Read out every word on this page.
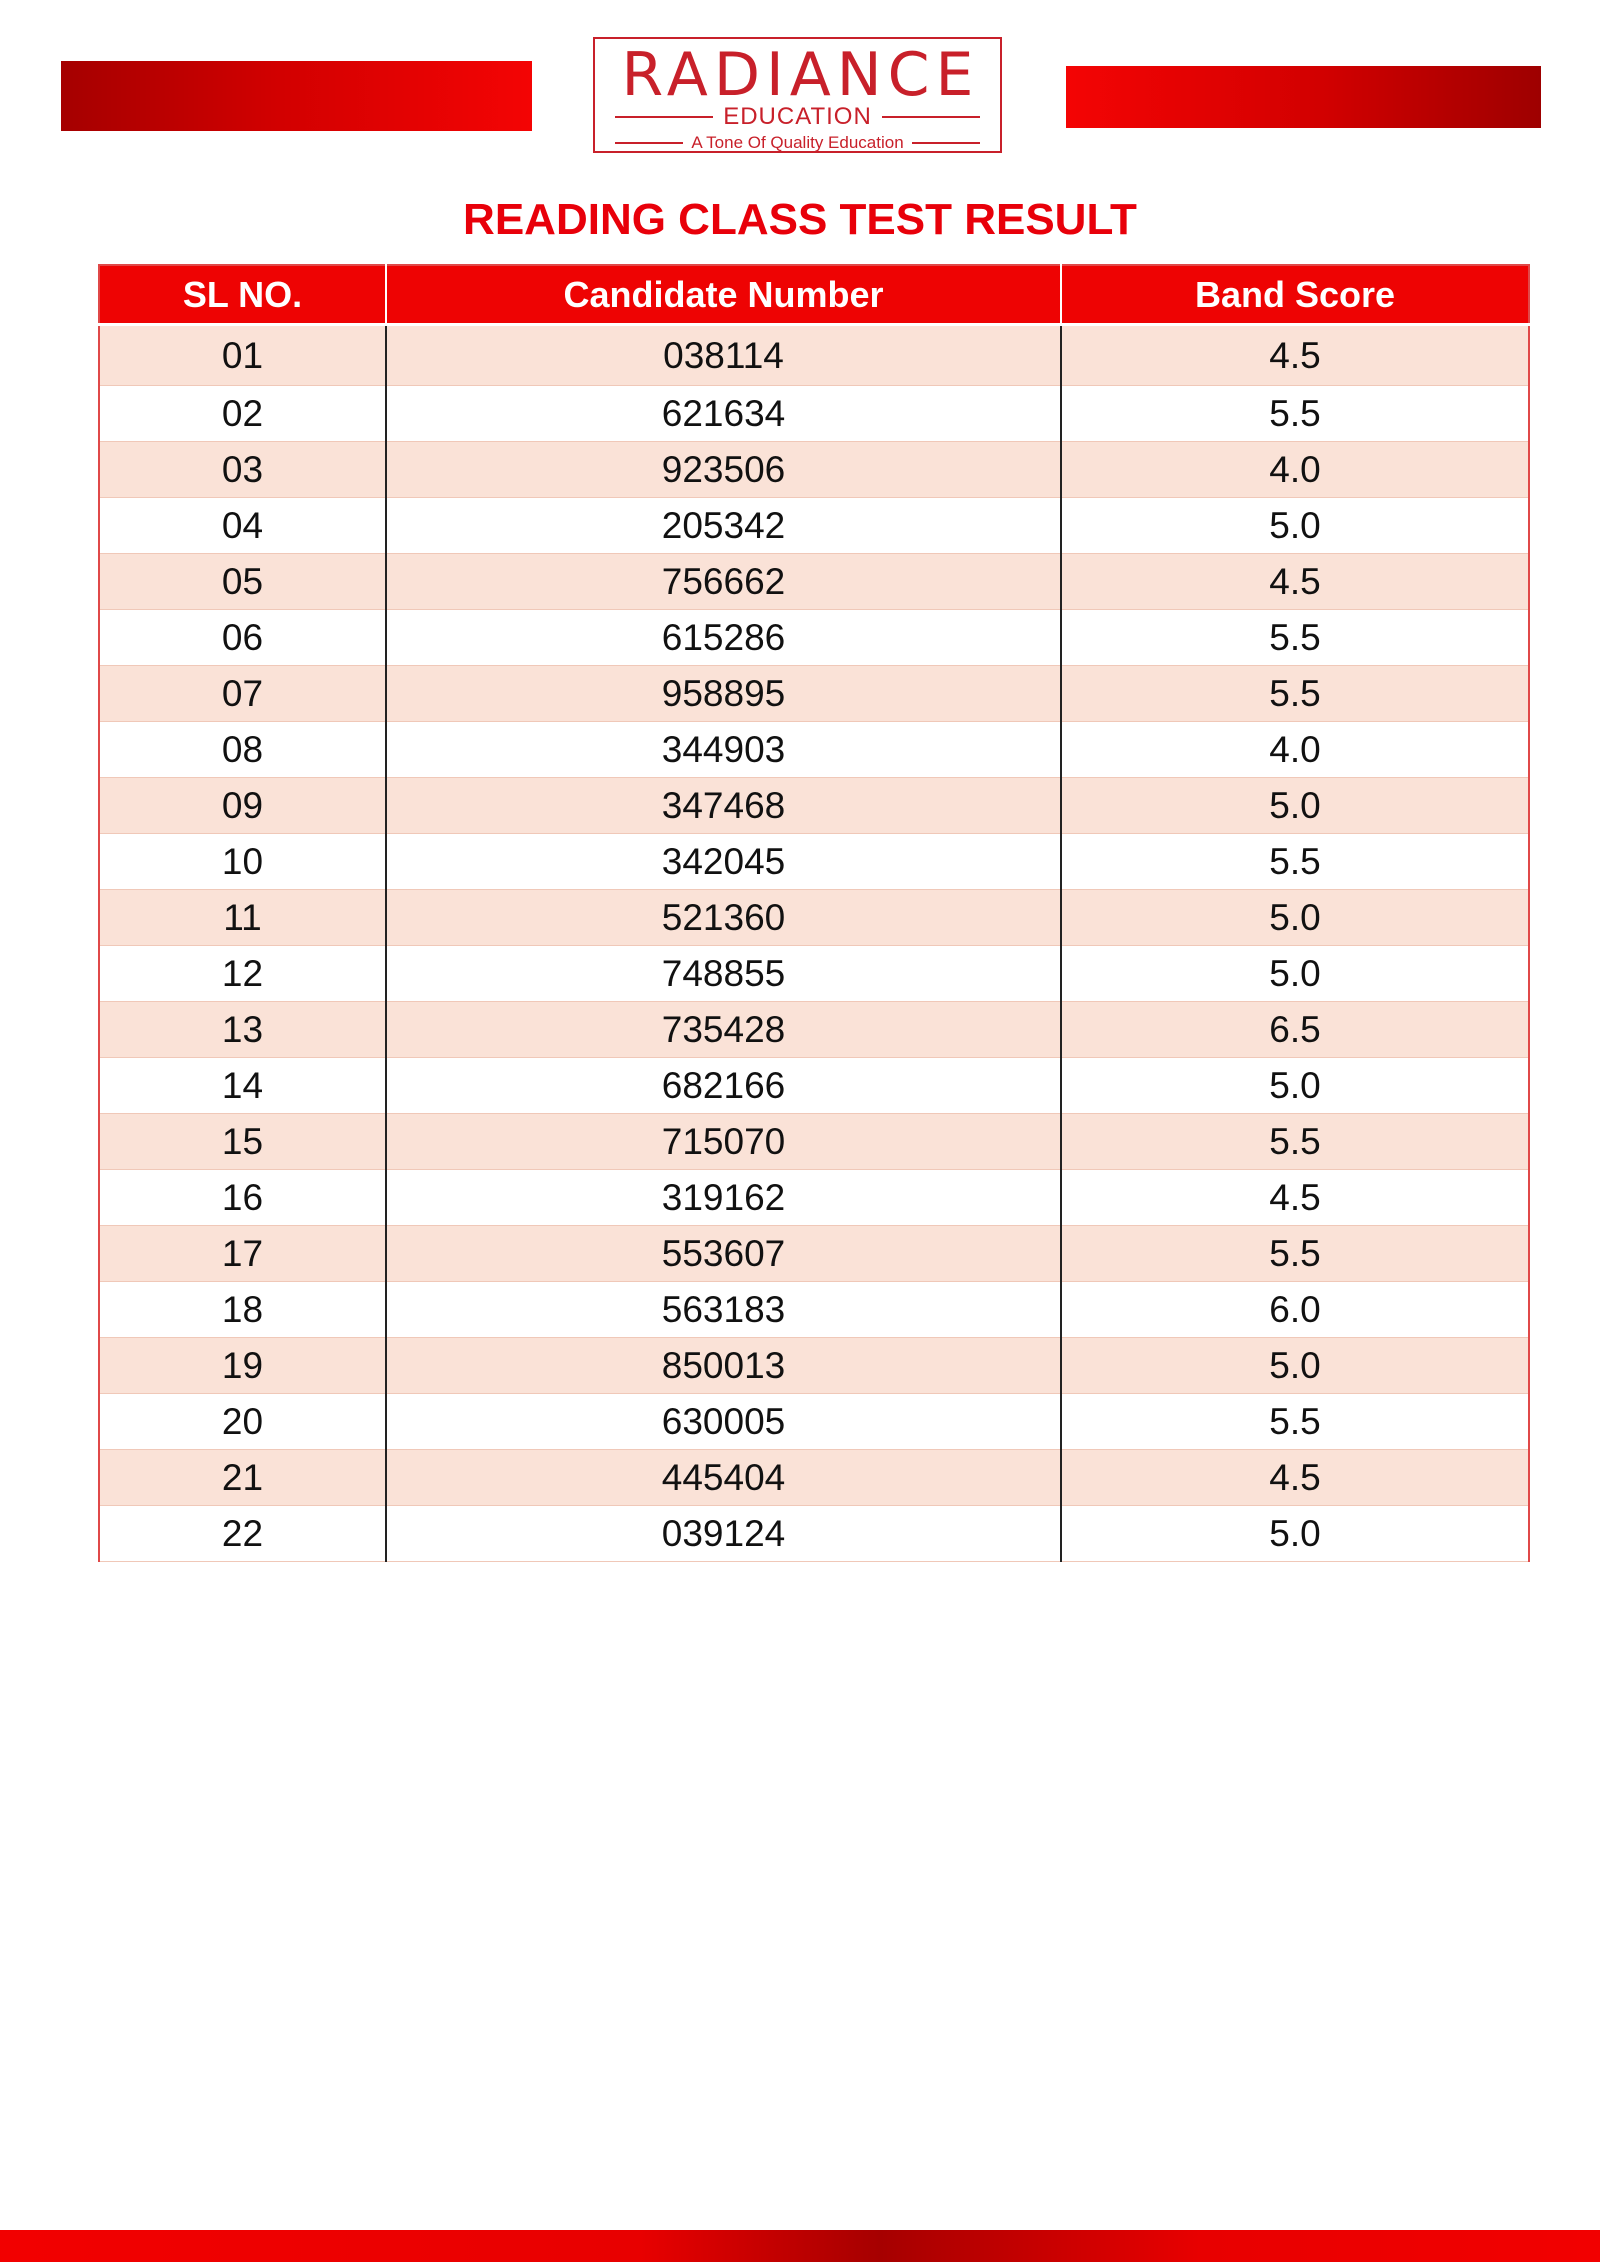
RADIANCE
EDUCATION
A Tone Of Quality Education
READING CLASS TEST RESULT
SL NO.	Candidate Number	Band Score
01	038114	4.5
02	621634	5.5
03	923506	4.0
04	205342	5.0
05	756662	4.5
06	615286	5.5
07	958895	5.5
08	344903	4.0
09	347468	5.0
10	342045	5.5
11	521360	5.0
12	748855	5.0
13	735428	6.5
14	682166	5.0
15	715070	5.5
16	319162	4.5
17	553607	5.5
18	563183	6.0
19	850013	5.0
20	630005	5.5
21	445404	4.5
22	039124	5.0
